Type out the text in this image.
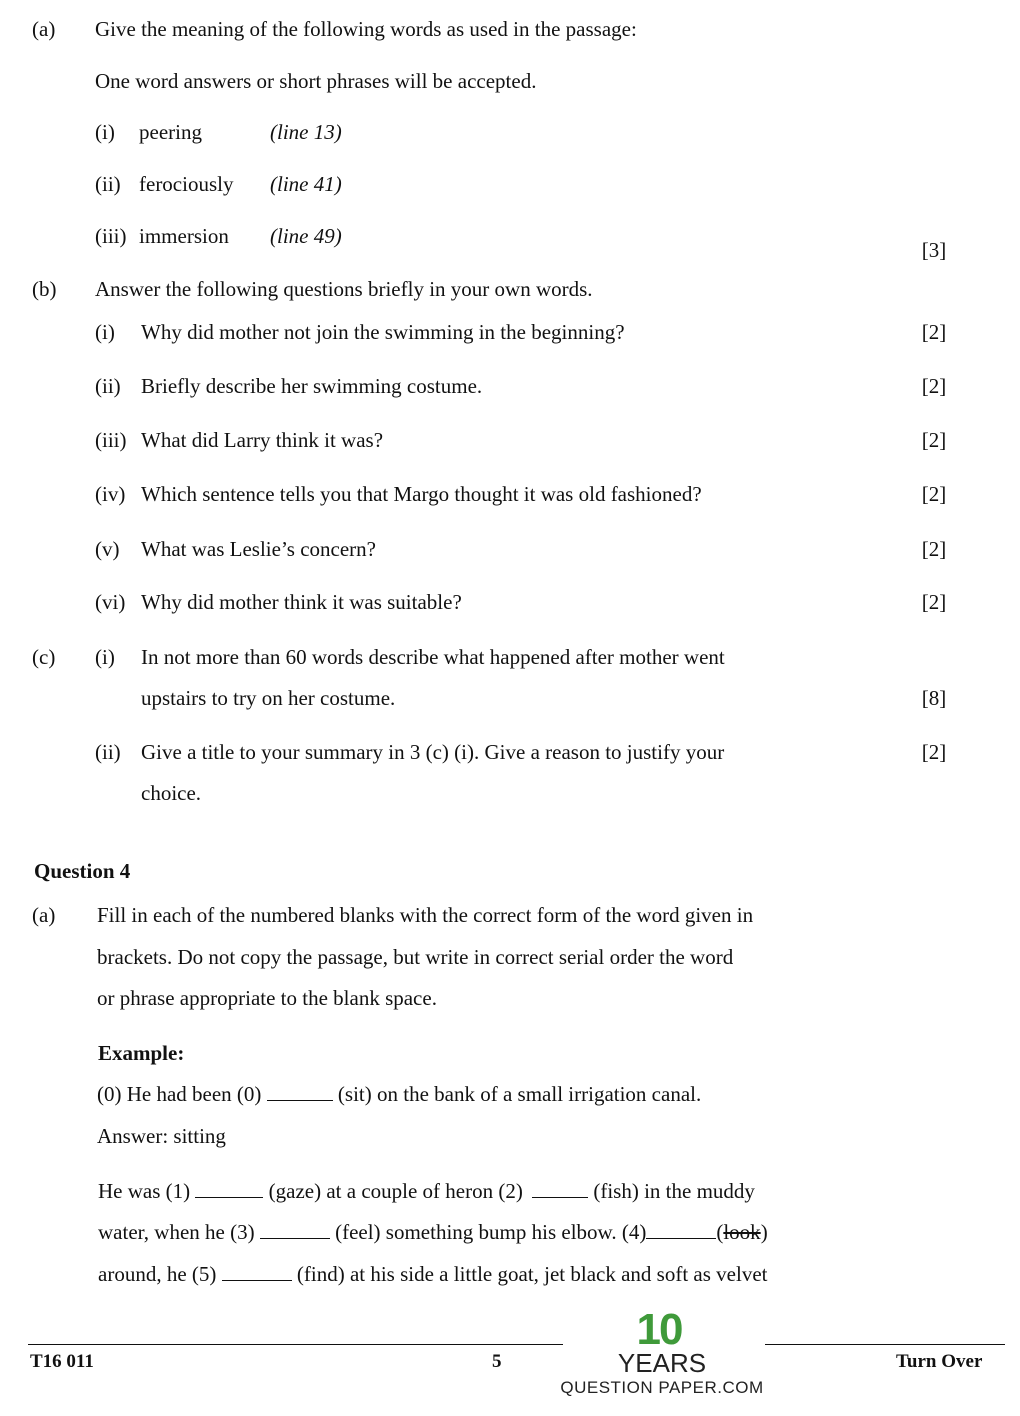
(a) Give the meaning of the following words as used in the passage:
One word answers or short phrases will be accepted.
(i) peering	(line 13)
(ii) ferociously (line 41)
(iii) immersion (line 49)
[3]
(b) Answer the following questions briefly in your own words.
(i) Why did mother not join the swimming in the beginning?	[2]
(ii) Briefly describe her swimming costume.	[2]
(iii) What did Larry think it was?	[2]
(iv) Which sentence tells you that Margo thought it was old fashioned?	[2]
(v) What was Leslie’s concern?	[2]
(vi) Why did mother think it was suitable?	[2]
(c) (i) In not more than 60 words describe what happened after mother went
upstairs to try on her costume.	[8]
(ii) Give a title to your summary in 3 (c) (i). Give a reason to justify your
choice.
[2]
Question 4
(a) Fill in each of the numbered blanks with the correct form of the word given in
brackets. Do not copy the passage, but write in correct serial order the word
or phrase appropriate to the blank space.
Example:
(0) He had been (0)	(sit) on the bank of a small irrigation canal.
Answer: sitting
He was (1)	(gaze) at a couple of heron (2)	(fish) in the muddy
water, when he (3)	(feel) something bump his elbow. (4)	(look)
around, he (5)	(find) at his side a little goat, jet black and soft as velvet
T16 011	5	Turn Over
10
YEARS
QUESTION PAPER.COM
